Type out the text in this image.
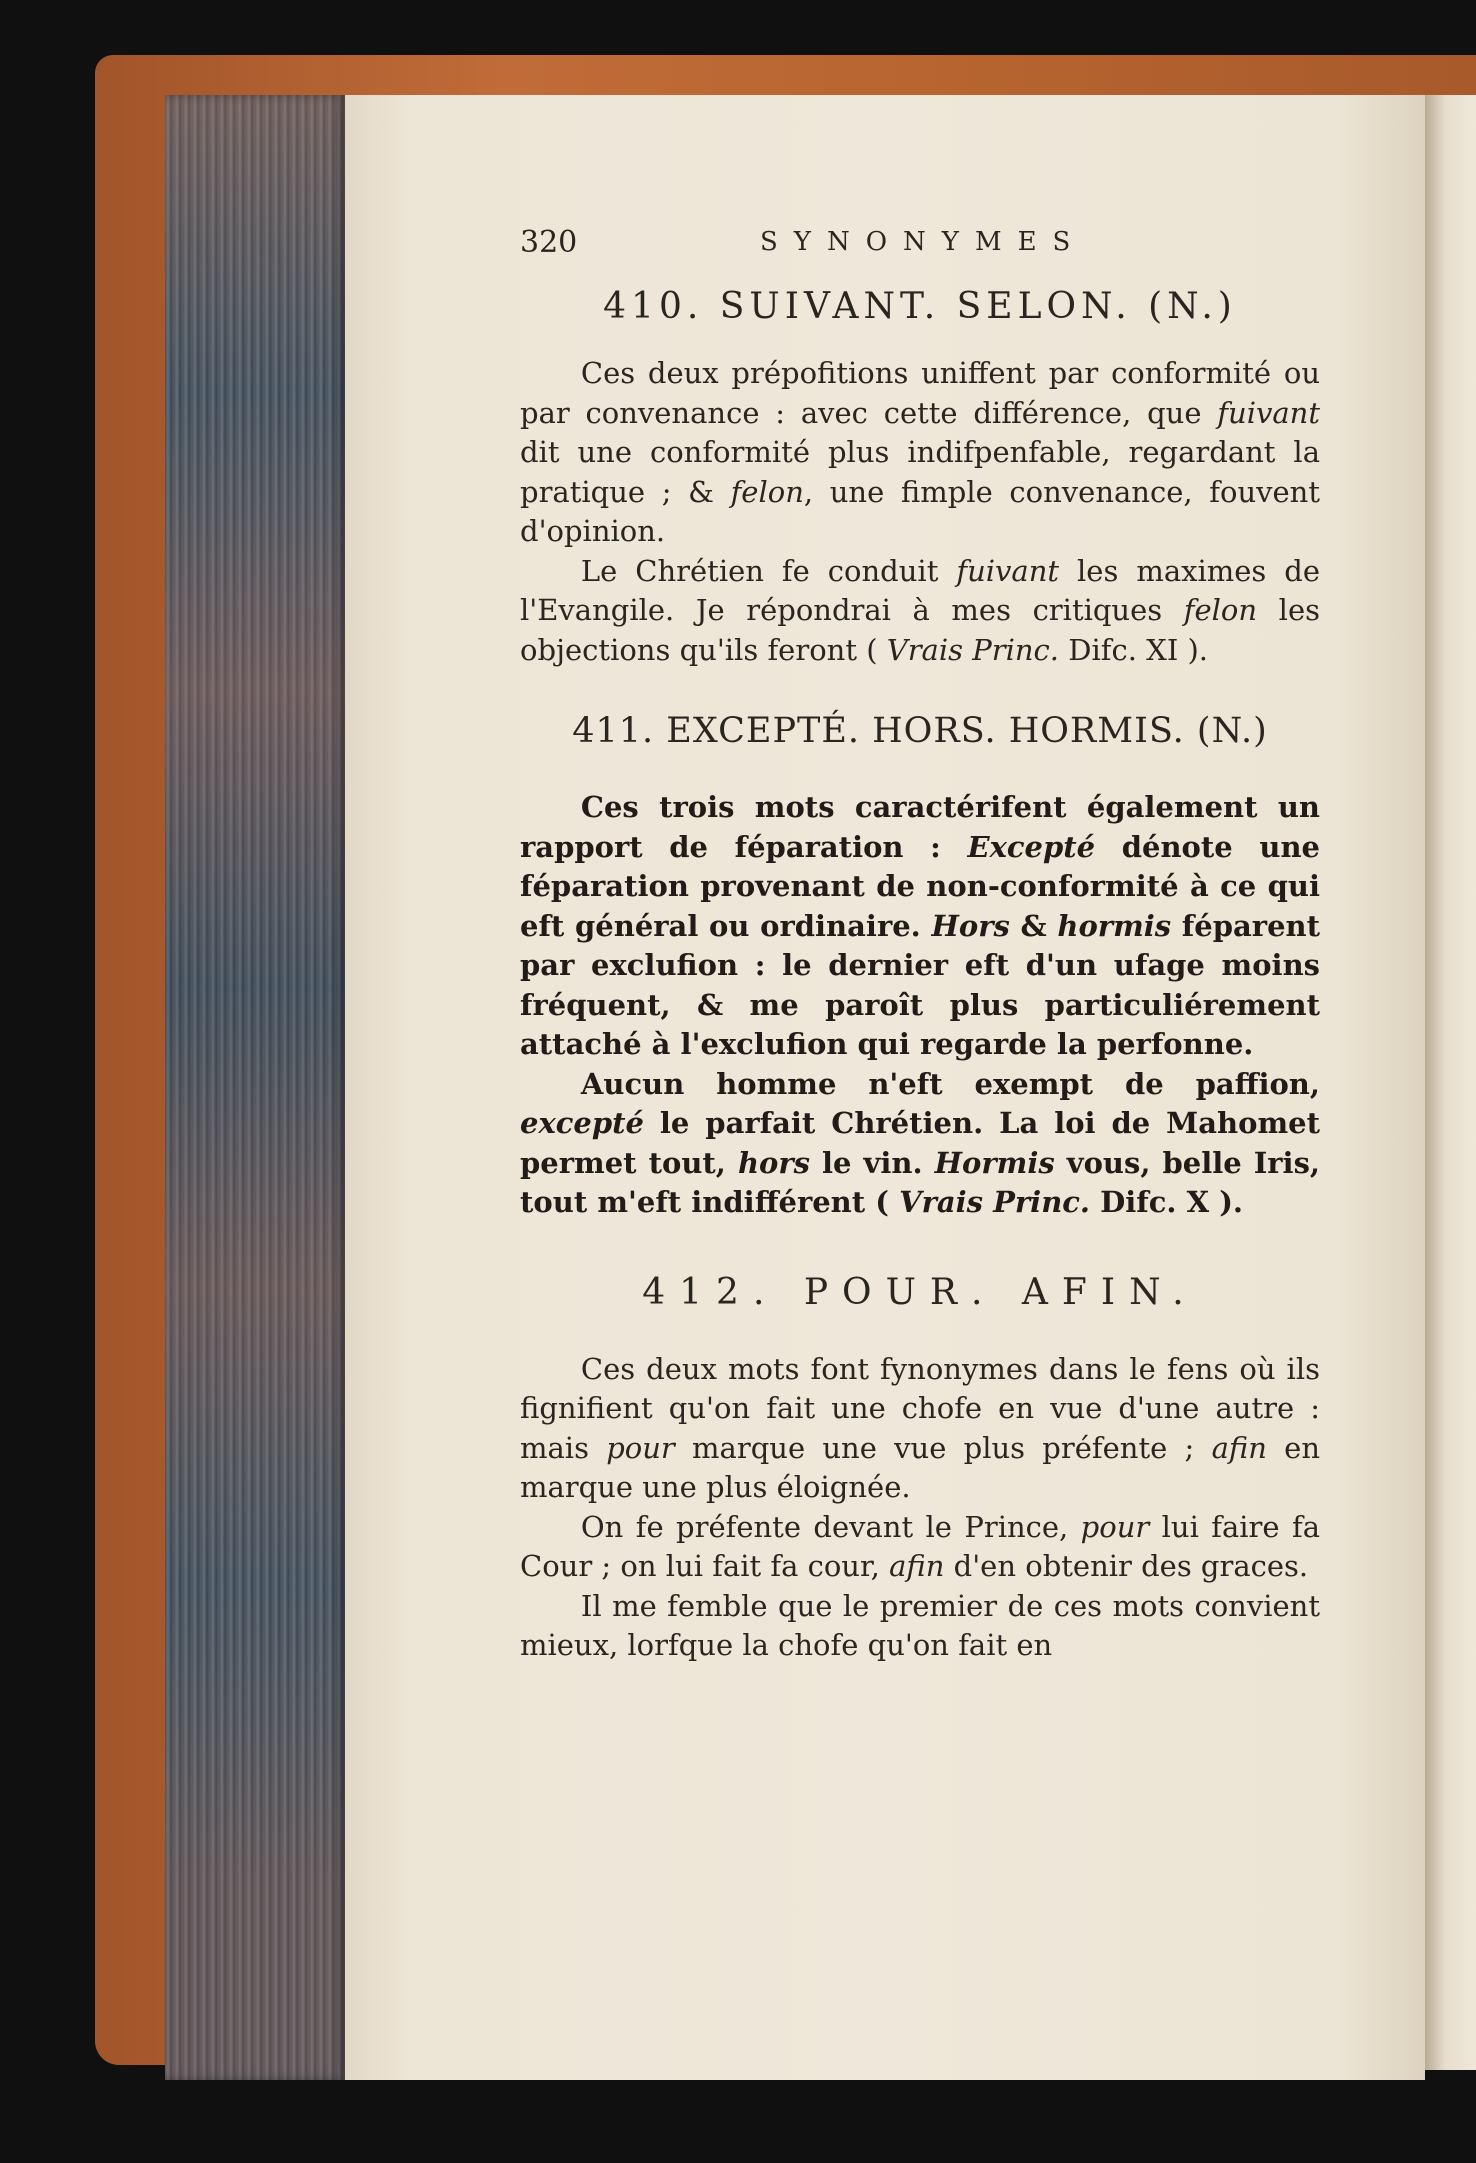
320	SYNONYMES
410. SUIVANT. SELON. (N.)

Ces deux prépofitions uniffent par conformité ou par convenance : avec cette différence, que fuivant dit une conformité plus indifpenfable, regardant la pratique ; & felon, une fimple convenance, fouvent d'opinion.

Le Chrétien fe conduit fuivant les maximes de l'Evangile. Je répondrai à mes critiques felon les objections qu'ils feront ( Vrais Princ. Difc. XI ).

411. EXCEPTÉ. HORS. HORMIS. (N.)

Ces trois mots caractérifent également un rapport de féparation : Excepté dénote une féparation provenant de non-conformité à ce qui eft général ou ordinaire. Hors & hormis féparent par exclufion : le dernier eft d'un ufage moins fréquent, & me paroît plus particuliérement attaché à l'exclufion qui regarde la perfonne.

Aucun homme n'eft exempt de paffion, excepté le parfait Chrétien. La loi de Mahomet permet tout, hors le vin. Hormis vous, belle Iris, tout m'eft indifférent ( Vrais Princ. Difc. X ).

412. POUR. AFIN.

Ces deux mots font fynonymes dans le fens où ils fignifient qu'on fait une chofe en vue d'une autre : mais pour marque une vue plus préfente ; afin en marque une plus éloignée.

On fe préfente devant le Prince, pour lui faire fa Cour ; on lui fait fa cour, afin d'en obtenir des graces.

Il me femble que le premier de ces mots convient mieux, lorfque la chofe qu'on fait en
